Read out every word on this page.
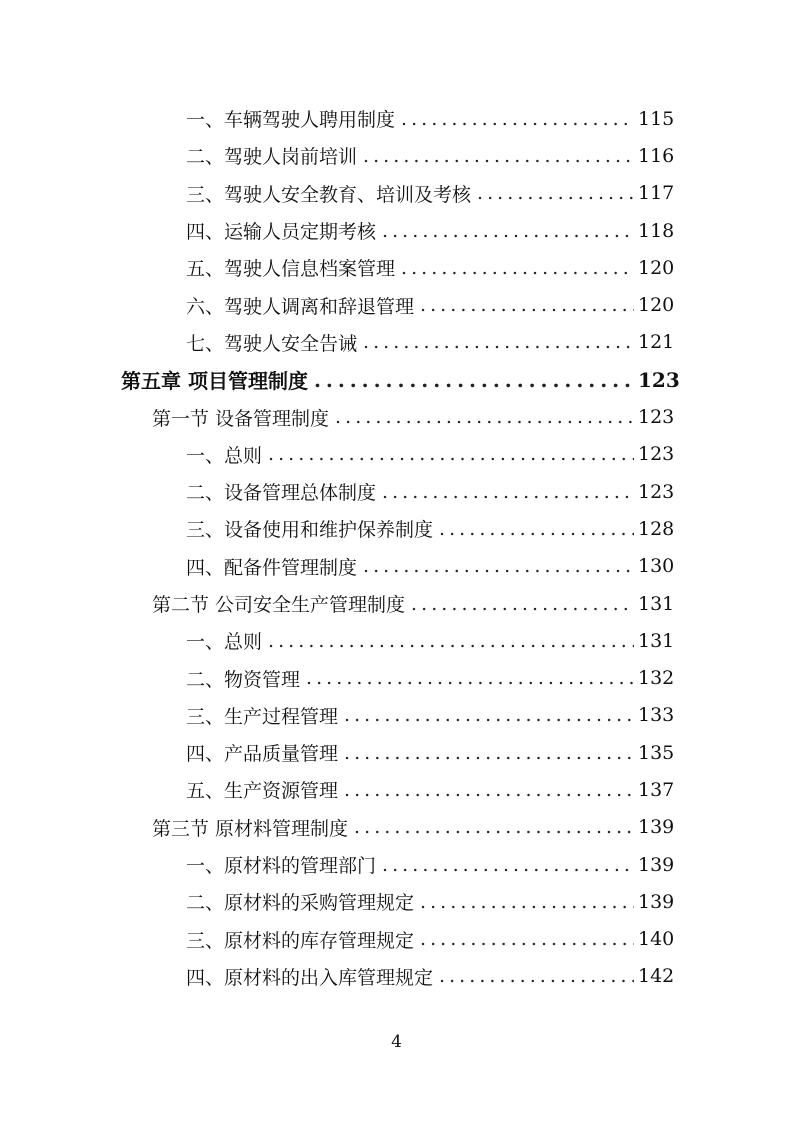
一、车辆驾驶人聘用制度 . . .	115
二、驾驶人岗前培训 . . .	116
三、驾驶人安全教育、培训及考核 . . .	117
四、运输人员定期考核 . . .	118
五、驾驶人信息档案管理 . . .	120
六、驾驶人调离和辞退管理 . . .	120
七、驾驶人安全告诫 . . .	121
第五章 项目管理制度 . . .	123
第一节 设备管理制度 . . .	123
一、总则 . . .	123
二、设备管理总体制度 . . .	123
三、设备使用和维护保养制度 . . .	128
四、配备件管理制度 . . .	130
第二节 公司安全生产管理制度 . . .	131
一、总则 . . .	131
二、物资管理 . . .	132
三、生产过程管理 . . .	133
四、产品质量管理 . . .	135
五、生产资源管理 . . .	137
第三节 原材料管理制度 . . .	139
一、原材料的管理部门 . . .	139
二、原材料的采购管理规定 . . .	139
三、原材料的库存管理规定 . . .	140
四、原材料的出入库管理规定 . . .	142
4
